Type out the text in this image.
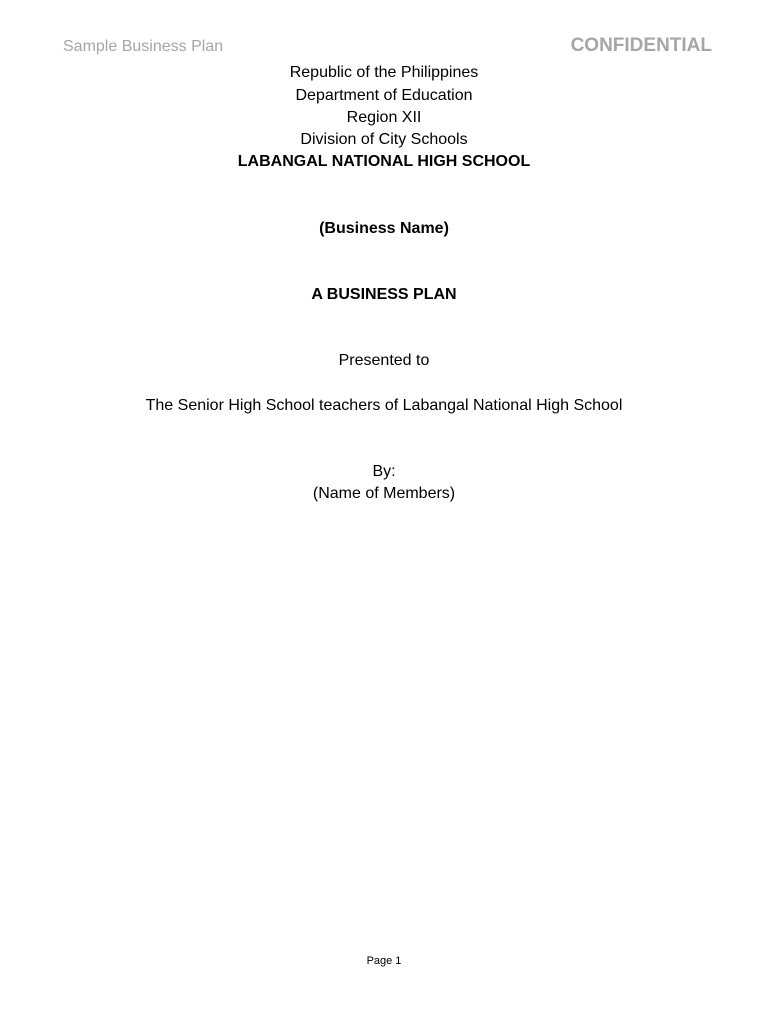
Sample Business Plan	CONFIDENTIAL
Republic of the Philippines
Department of Education
Region XII
Division of City Schools
LABANGAL NATIONAL HIGH SCHOOL
(Business Name)
A BUSINESS PLAN
Presented to
The Senior High School teachers of Labangal National High School
By:
(Name of Members)
Page 1
